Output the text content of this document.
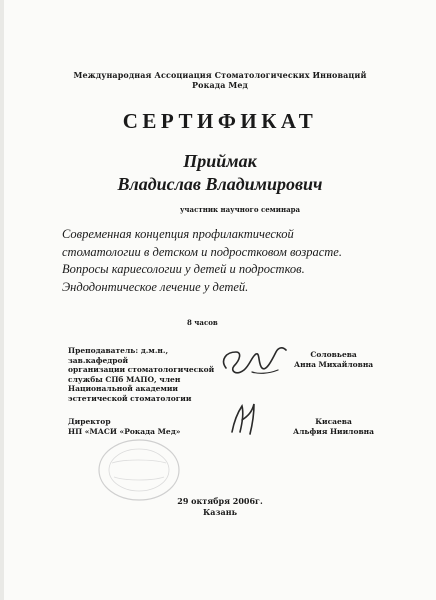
Международная Ассоциация Стоматологических Инноваций
Рокада Мед
СЕРТИФИКАТ
Приймак
Владислав Владимирович
участник научного семинара
Современная концепция профилактической стоматологии в детском и подростковом возрасте. Вопросы кариесологии у детей и подростков. Эндодонтическое лечение у детей.
8 часов
Преподаватель: д.м.н., зав.кафедрой
организации стоматологической
службы СПб МАПО, член
Национальной академии
эстетической стоматологии
Соловьева
Анна Михайловна
Директор
НП «МАСИ «Рокада Мед»
Кисаева
Альфия Нииловна
29 октября 2006г.
Казань
